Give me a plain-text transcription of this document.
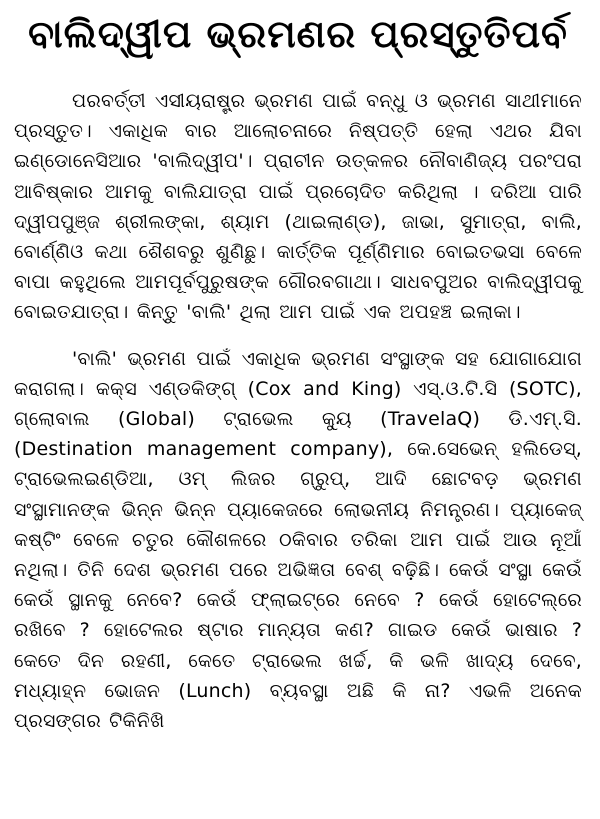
ବାଲିଦ୍ୱୀପ ଭ୍ରମଣର ପ୍ରସ୍ତୁତିପର୍ବ

ପରବର୍ତ୍ତୀ ଏସୀୟରାଷ୍ଟ୍ର ଭ୍ରମଣ ପାଇଁ ବନ୍ଧୁ ଓ ଭ୍ରମଣ ସାଥୀମାନେ ପ୍ରସ୍ତୁତ। ଏକାଧିକ ବାର ଆଲୋଚନାରେ ନିଷ୍ପତ୍ତି ହେଲା ଏଥର ଯିବା ଇଣ୍ଡୋନେସିଆର 'ବାଲିଦ୍ୱୀପ'। ପ୍ରାଚୀନ ଉତ୍କଳର ନୌବାଣିଜ୍ୟ ପରଂପରା ଆବିଷ୍କାର ଆମକୁ ବାଲିଯାତ୍ରା ପାଇଁ ପ୍ରଚୋଦିତ କରିଥିଲା । ଦରିଆ ପାରି ଦ୍ୱୀପପୁଞ୍ଜ ଶ୍ରୀଲଙ୍କା, ଶ୍ୟାମ (ଥାଇଲାଣ୍ଡ), ଜାଭା, ସୁମାତ୍ରା, ବାଲି, ବୋର୍ଣ୍ଣିଓ କଥା ଶୈଶବରୁ ଶୁଣିଛୁ। କାର୍ତ୍ତିକ ପୂର୍ଣ୍ଣିମାର ବୋଇତଭସା ବେଳେ ବାପା କହୁଥିଲେ ଆମପୂର୍ବପୁରୁଷଙ୍କ ଗୌରବଗାଥା। ସାଧବପୁଅର ବାଲିଦ୍ୱୀପକୁ ବୋଇତଯାତ୍ରା। କିନ୍ତୁ 'ବାଲି' ଥିଲା ଆମ ପାଇଁ ଏକ ଅପହଞ୍ଚ ଇଲାକା।

'ବାଲି' ଭ୍ରମଣ ପାଇଁ ଏକାଧିକ ଭ୍ରମଣ ସଂସ୍ଥାଙ୍କ ସହ ଯୋଗାଯୋଗ କରାଗଲା। କକ୍‌ସ ଏଣ୍ଡକିଙ୍ଗ୍ (Cox and King) ଏସ୍.ଓ.ଟି.ସି (SOTC), ଗ୍ଲୋବାଲ (Global) ଟ୍ରାଭେଲ କ୍ୟୁ (TravelaQ) ଡି.ଏମ୍.ସି. (Destination management company), କେ.ସେଭେନ୍ ହଲିଡେସ୍, ଟ୍ରାଭେଲଇଣ୍ଡିଆ, ଓମ୍ ଲିଜର ଗ୍ରୁପ୍, ଆଦି ଛୋଟବଡ଼ ଭ୍ରମଣ ସଂସ୍ଥାମାନଙ୍କ ଭିନ୍ନ ଭିନ୍ନ ପ୍ୟାକେଜରେ ଲୋଭନୀୟ ନିମନ୍ତ୍ରଣ। ପ୍ୟାକେଜ୍ କଷ୍ଟିଂ ବେଳେ ଚତୁର କୌଶଳରେ ଠକିବାର ତରିକା ଆମ ପାଇଁ ଆଉ ନୂଆଁ ନଥିଲା। ତିନି ଦେଶ ଭ୍ରମଣ ପରେ ଅଭିଜ୍ଞତା ବେଶ୍ ବଢ଼ିଛି। କେଉଁ ସଂସ୍ଥା କେଉଁ କେଉଁ ସ୍ଥାନକୁ ନେବେ? କେଉଁ ଫ୍ଲାଇଟ୍‌ରେ ନେବେ ? କେଉଁ ହୋଟେଲ୍‌ରେ ରଖିବେ ? ହୋଟେଲର ଷ୍ଟାର ମାନ୍ୟତା କଣ? ଗାଇଡ କେଉଁ ଭାଷାର ? କେତେ ଦିନ ରହଣୀ, କେତେ ଟ୍ରାଭେଲ ଖର୍ଚ୍ଚ, କି ଭଳି ଖାଦ୍ୟ ଦେବେ, ମଧ୍ୟାହ୍ନ ଭୋଜନ (Lunch) ବ୍ୟବସ୍ଥା ଅଛି କି ନା? ଏଭଳି ଅନେକ ପ୍ରସଙ୍ଗର ଟିକିନିଖି
